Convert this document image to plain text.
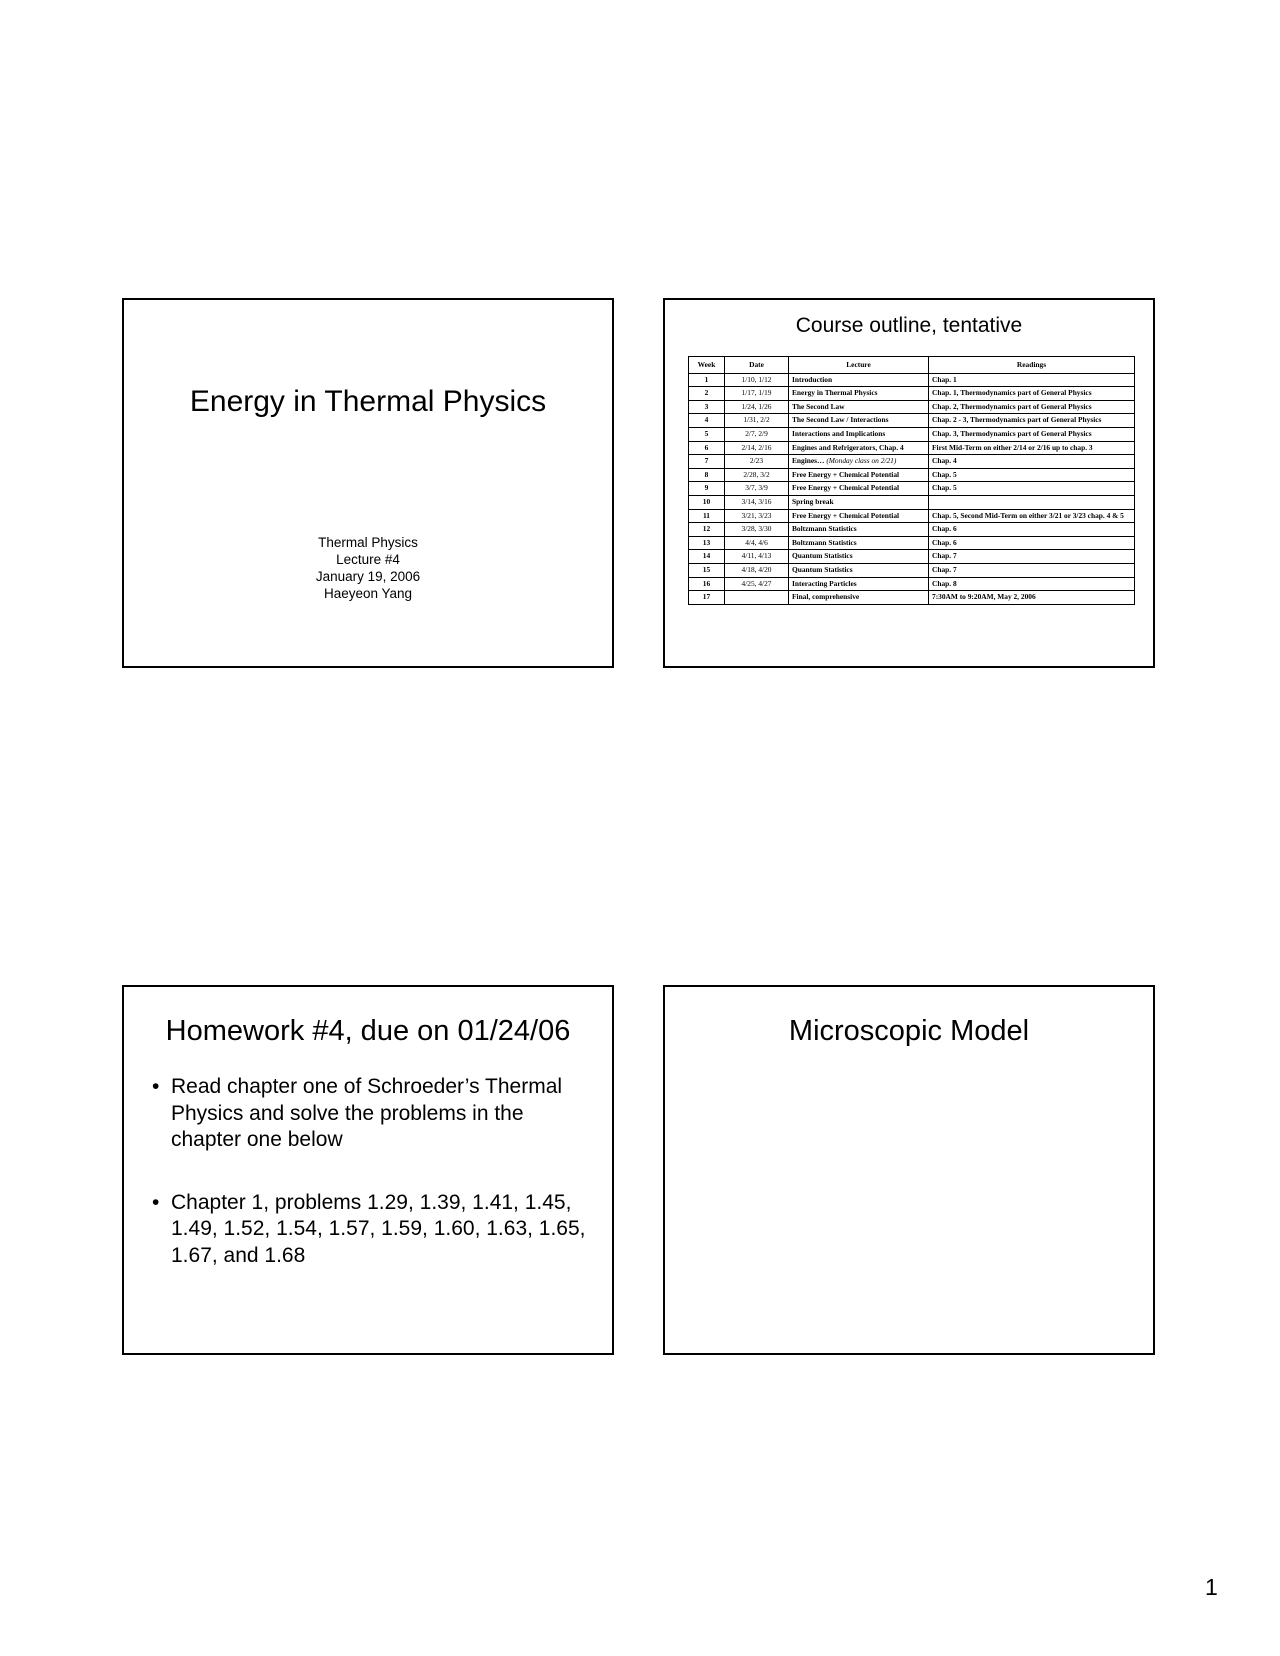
Energy in Thermal Physics
Thermal Physics
Lecture #4
January 19, 2006
Haeyeon Yang
Course outline, tentative
Week	Date	Lecture	Readings
1	1/10, 1/12	Introduction	Chap. 1
2	1/17, 1/19	Energy in Thermal Physics	Chap. 1, Thermodynamics part of General Physics
3	1/24, 1/26	The Second Law	Chap. 2, Thermodynamics part of General Physics
4	1/31, 2/2	The Second Law / Interactions	Chap. 2 - 3, Thermodynamics part of General Physics
5	2/7, 2/9	Interactions and Implications	Chap. 3, Thermodynamics part of General Physics
6	2/14, 2/16	Engines and Refrigerators, Chap. 4	First Mid-Term on either 2/14 or 2/16 up to chap. 3
7	2/23	Engines… (Monday class on 2/21)	Chap. 4
8	2/28, 3/2	Free Energy + Chemical Potential	Chap. 5
9	3/7, 3/9	Free Energy + Chemical Potential	Chap. 5
10	3/14, 3/16	Spring break	
11	3/21, 3/23	Free Energy + Chemical Potential	Chap. 5, Second Mid-Term on either 3/21 or 3/23 chap. 4 & 5
12	3/28, 3/30	Boltzmann Statistics	Chap. 6
13	4/4, 4/6	Boltzmann Statistics	Chap. 6
14	4/11, 4/13	Quantum Statistics	Chap. 7
15	4/18, 4/20	Quantum Statistics	Chap. 7
16	4/25, 4/27	Interacting Particles	Chap. 8
17		Final, comprehensive	7:30AM to 9:20AM, May 2, 2006
Homework #4, due on 01/24/06
• Read chapter one of Schroeder’s Thermal Physics and solve the problems in the chapter one below
• Chapter 1, problems 1.29, 1.39, 1.41, 1.45, 1.49, 1.52, 1.54, 1.57, 1.59, 1.60, 1.63, 1.65, 1.67, and 1.68
Microscopic Model
1
